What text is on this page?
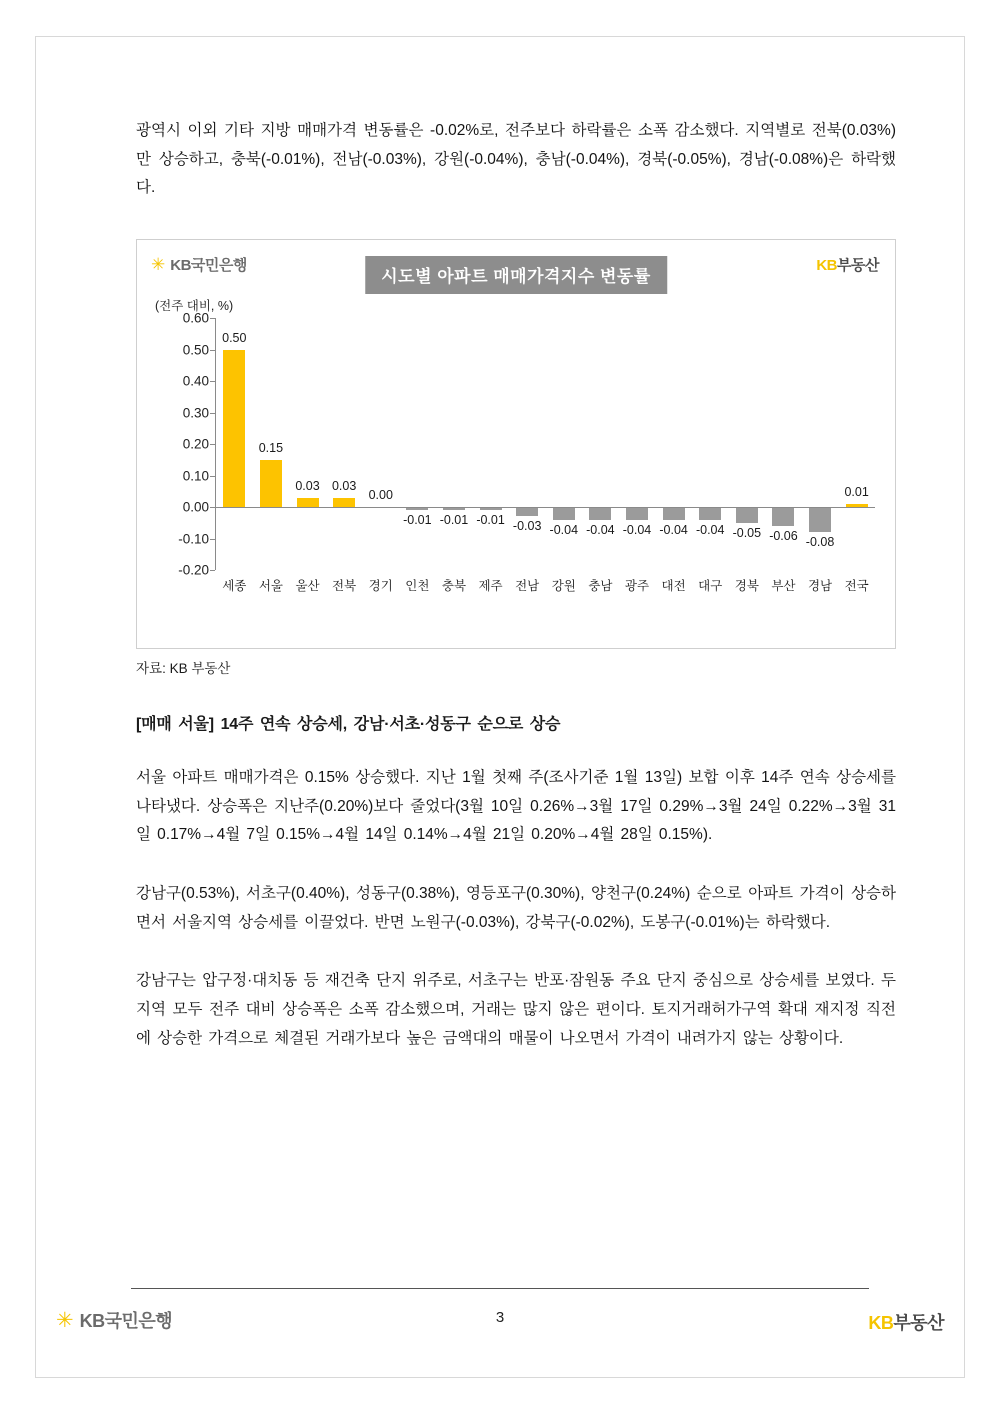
광역시 이외 기타 지방 매매가격 변동률은 -0.02%로, 전주보다 하락률은 소폭 감소했다. 지역별로 전북(0.03%)만 상승하고, 충북(-0.01%), 전남(-0.03%), 강원(-0.04%), 충남(-0.04%), 경북(-0.05%), 경남(-0.08%)은 하락했다.

✳ KB국민은행
시도별 아파트 매매가격지수 변동률
KB부동산
(전주 대비, %)
0.50
세종
0.15
서울
0.03
울산
0.03
전북
0.00
경기
-0.01
인천
-0.01
충북
-0.01
제주
-0.03
전남
-0.04
강원
-0.04
충남
-0.04
광주
-0.04
대전
-0.04
대구
-0.05
경북
-0.06
부산
-0.08
경남
0.01
전국
0.60
0.50
0.40
0.30
0.20
0.10
0.00
-0.10
-0.20
자료: KB 부동산
[매매 서울] 14주 연속 상승세, 강남·서초·성동구 순으로 상승

서울 아파트 매매가격은 0.15% 상승했다. 지난 1월 첫째 주(조사기준 1월 13일) 보합 이후 14주 연속 상승세를 나타냈다. 상승폭은 지난주(0.20%)보다 줄었다(3월 10일 0.26%→3월 17일 0.29%→3월 24일 0.22%→3월 31일 0.17%→4월 7일 0.15%→4월 14일 0.14%→4월 21일 0.20%→4월 28일 0.15%).

강남구(0.53%), 서초구(0.40%), 성동구(0.38%), 영등포구(0.30%), 양천구(0.24%) 순으로 아파트 가격이 상승하면서 서울지역 상승세를 이끌었다. 반면 노원구(-0.03%), 강북구(-0.02%), 도봉구(-0.01%)는 하락했다.

강남구는 압구정·대치동 등 재건축 단지 위주로, 서초구는 반포·잠원동 주요 단지 중심으로 상승세를 보였다. 두 지역 모두 전주 대비 상승폭은 소폭 감소했으며, 거래는 많지 않은 편이다. 토지거래허가구역 확대 재지정 직전에 상승한 가격으로 체결된 거래가보다 높은 금액대의 매물이 나오면서 가격이 내려가지 않는 상황이다.

✳ KB국민은행	3	KB부동산
